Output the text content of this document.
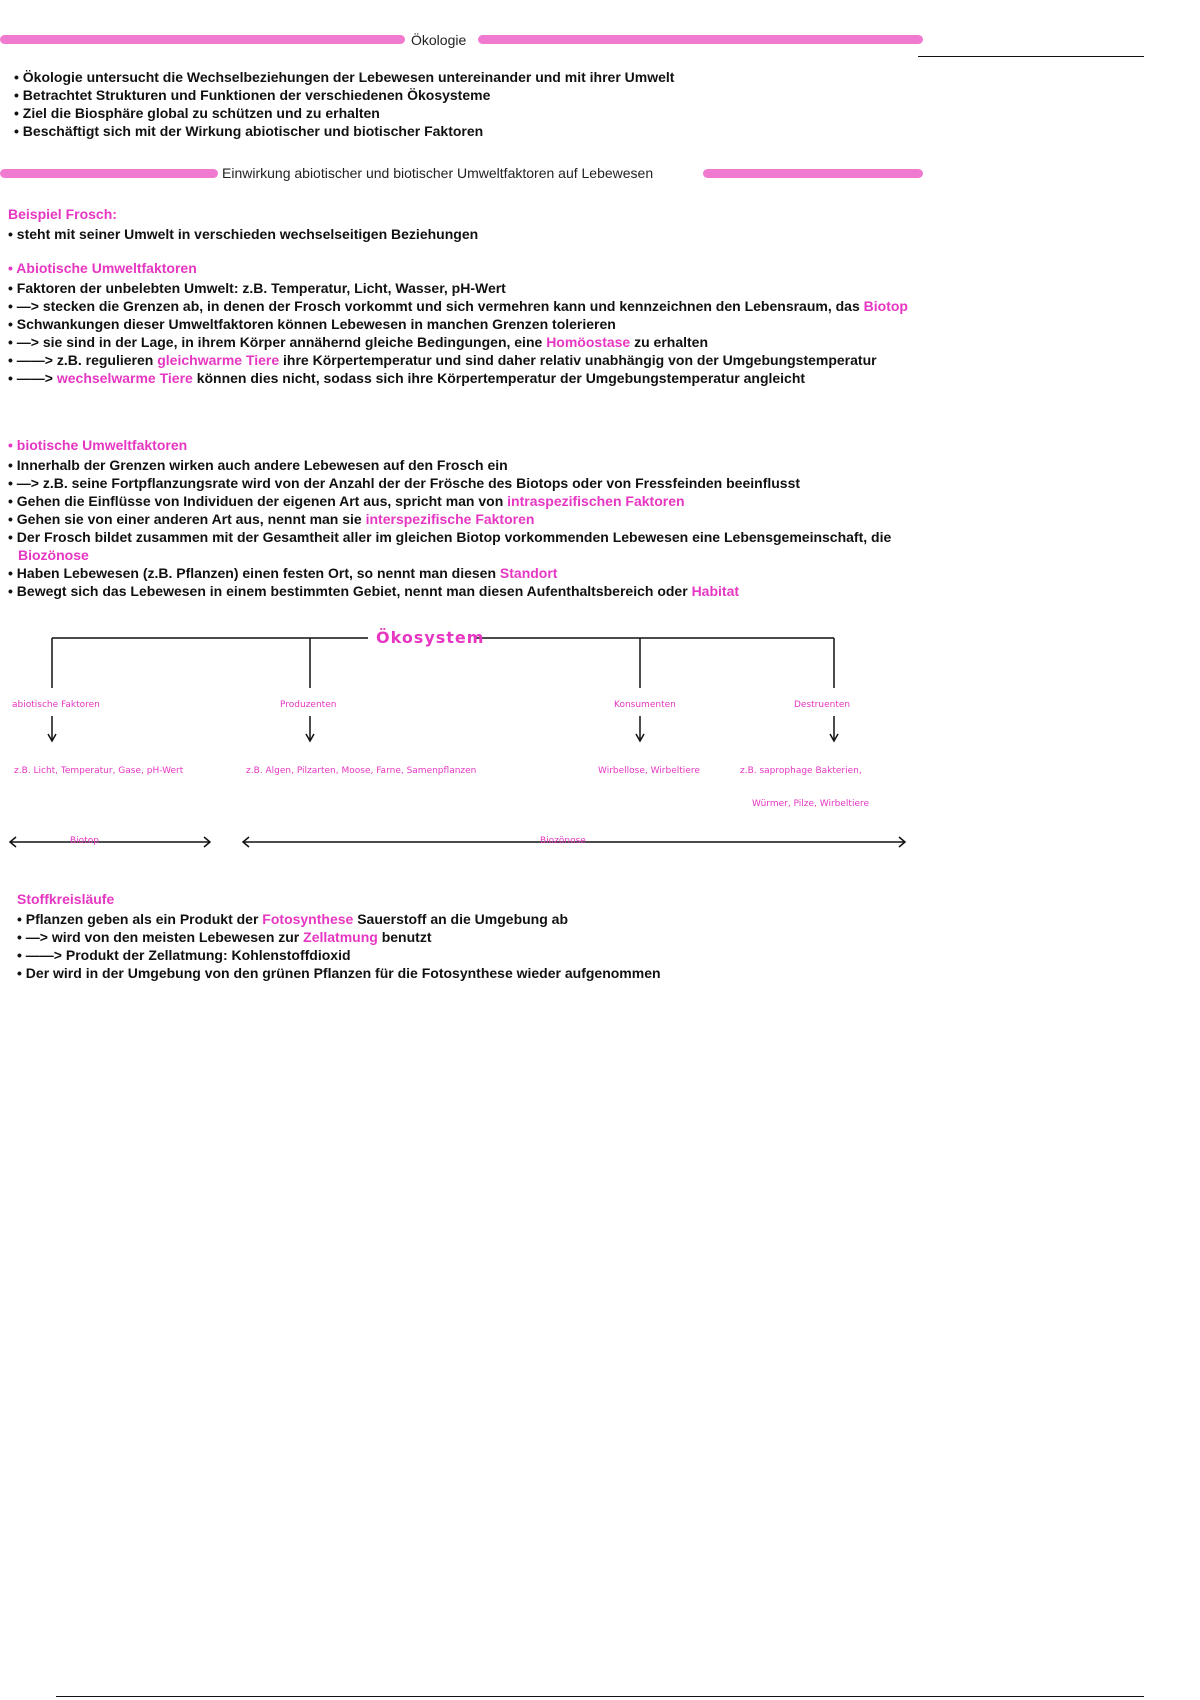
Ökologie
• Ökologie untersucht die Wechselbeziehungen der Lebewesen untereinander und mit ihrer Umwelt
• Betrachtet Strukturen und Funktionen der verschiedenen Ökosysteme
• Ziel die Biosphäre global zu schützen und zu erhalten
• Beschäftigt sich mit der Wirkung abiotischer und biotischer Faktoren
Einwirkung abiotischer und biotischer Umweltfaktoren auf Lebewesen
Beispiel Frosch:
• steht mit seiner Umwelt in verschieden wechselseitigen Beziehungen
• Abiotische Umweltfaktoren
• Faktoren der unbelebten Umwelt: z.B. Temperatur, Licht, Wasser, pH-Wert
• —> stecken die Grenzen ab, in denen der Frosch vorkommt und sich vermehren kann und kennzeichnen den Lebensraum, das Biotop
• Schwankungen dieser Umweltfaktoren können Lebewesen in manchen Grenzen tolerieren
• —> sie sind in der Lage, in ihrem Körper annähernd gleiche Bedingungen, eine Homöostase zu erhalten
• ——> z.B. regulieren gleichwarme Tiere ihre Körpertemperatur und sind daher relativ unabhängig von der Umgebungstemperatur
• ——> wechselwarme Tiere können dies nicht, sodass sich ihre Körpertemperatur der Umgebungstemperatur angleicht
• biotische Umweltfaktoren
• Innerhalb der Grenzen wirken auch andere Lebewesen auf den Frosch ein
• —> z.B. seine Fortpflanzungsrate wird von der Anzahl der der Frösche des Biotops oder von Fressfeinden beeinflusst
• Gehen die Einflüsse von Individuen der eigenen Art aus, spricht man von intraspezifischen Faktoren
• Gehen sie von einer anderen Art aus, nennt man sie interspezifische Faktoren
• Der Frosch bildet zusammen mit der Gesamtheit aller im gleichen Biotop vorkommenden Lebewesen eine Lebensgemeinschaft, die Biozönose
• Haben Lebewesen (z.B. Pflanzen) einen festen Ort, so nennt man diesen Standort
• Bewegt sich das Lebewesen in einem bestimmten Gebiet, nennt man diesen Aufenthaltsbereich oder Habitat
Ökosystem
abiotische Faktoren	Produzenten	Konsumenten	Destruenten
z.B. Licht, Temperatur, Gase, pH-Wert	z.B. Algen, Pilzarten, Moose, Farne, Samenpflanzen	Wirbellose, Wirbeltiere	z.B. saprophage Bakterien,
Würmer, Pilze, Wirbeltiere
Biotop	Biozönose
Stoffkreisläufe
• Pflanzen geben als ein Produkt der Fotosynthese Sauerstoff an die Umgebung ab
• —> wird von den meisten Lebewesen zur Zellatmung benutzt
• ——> Produkt der Zellatmung: Kohlenstoffdioxid
• Der wird in der Umgebung von den grünen Pflanzen für die Fotosynthese wieder aufgenommen
